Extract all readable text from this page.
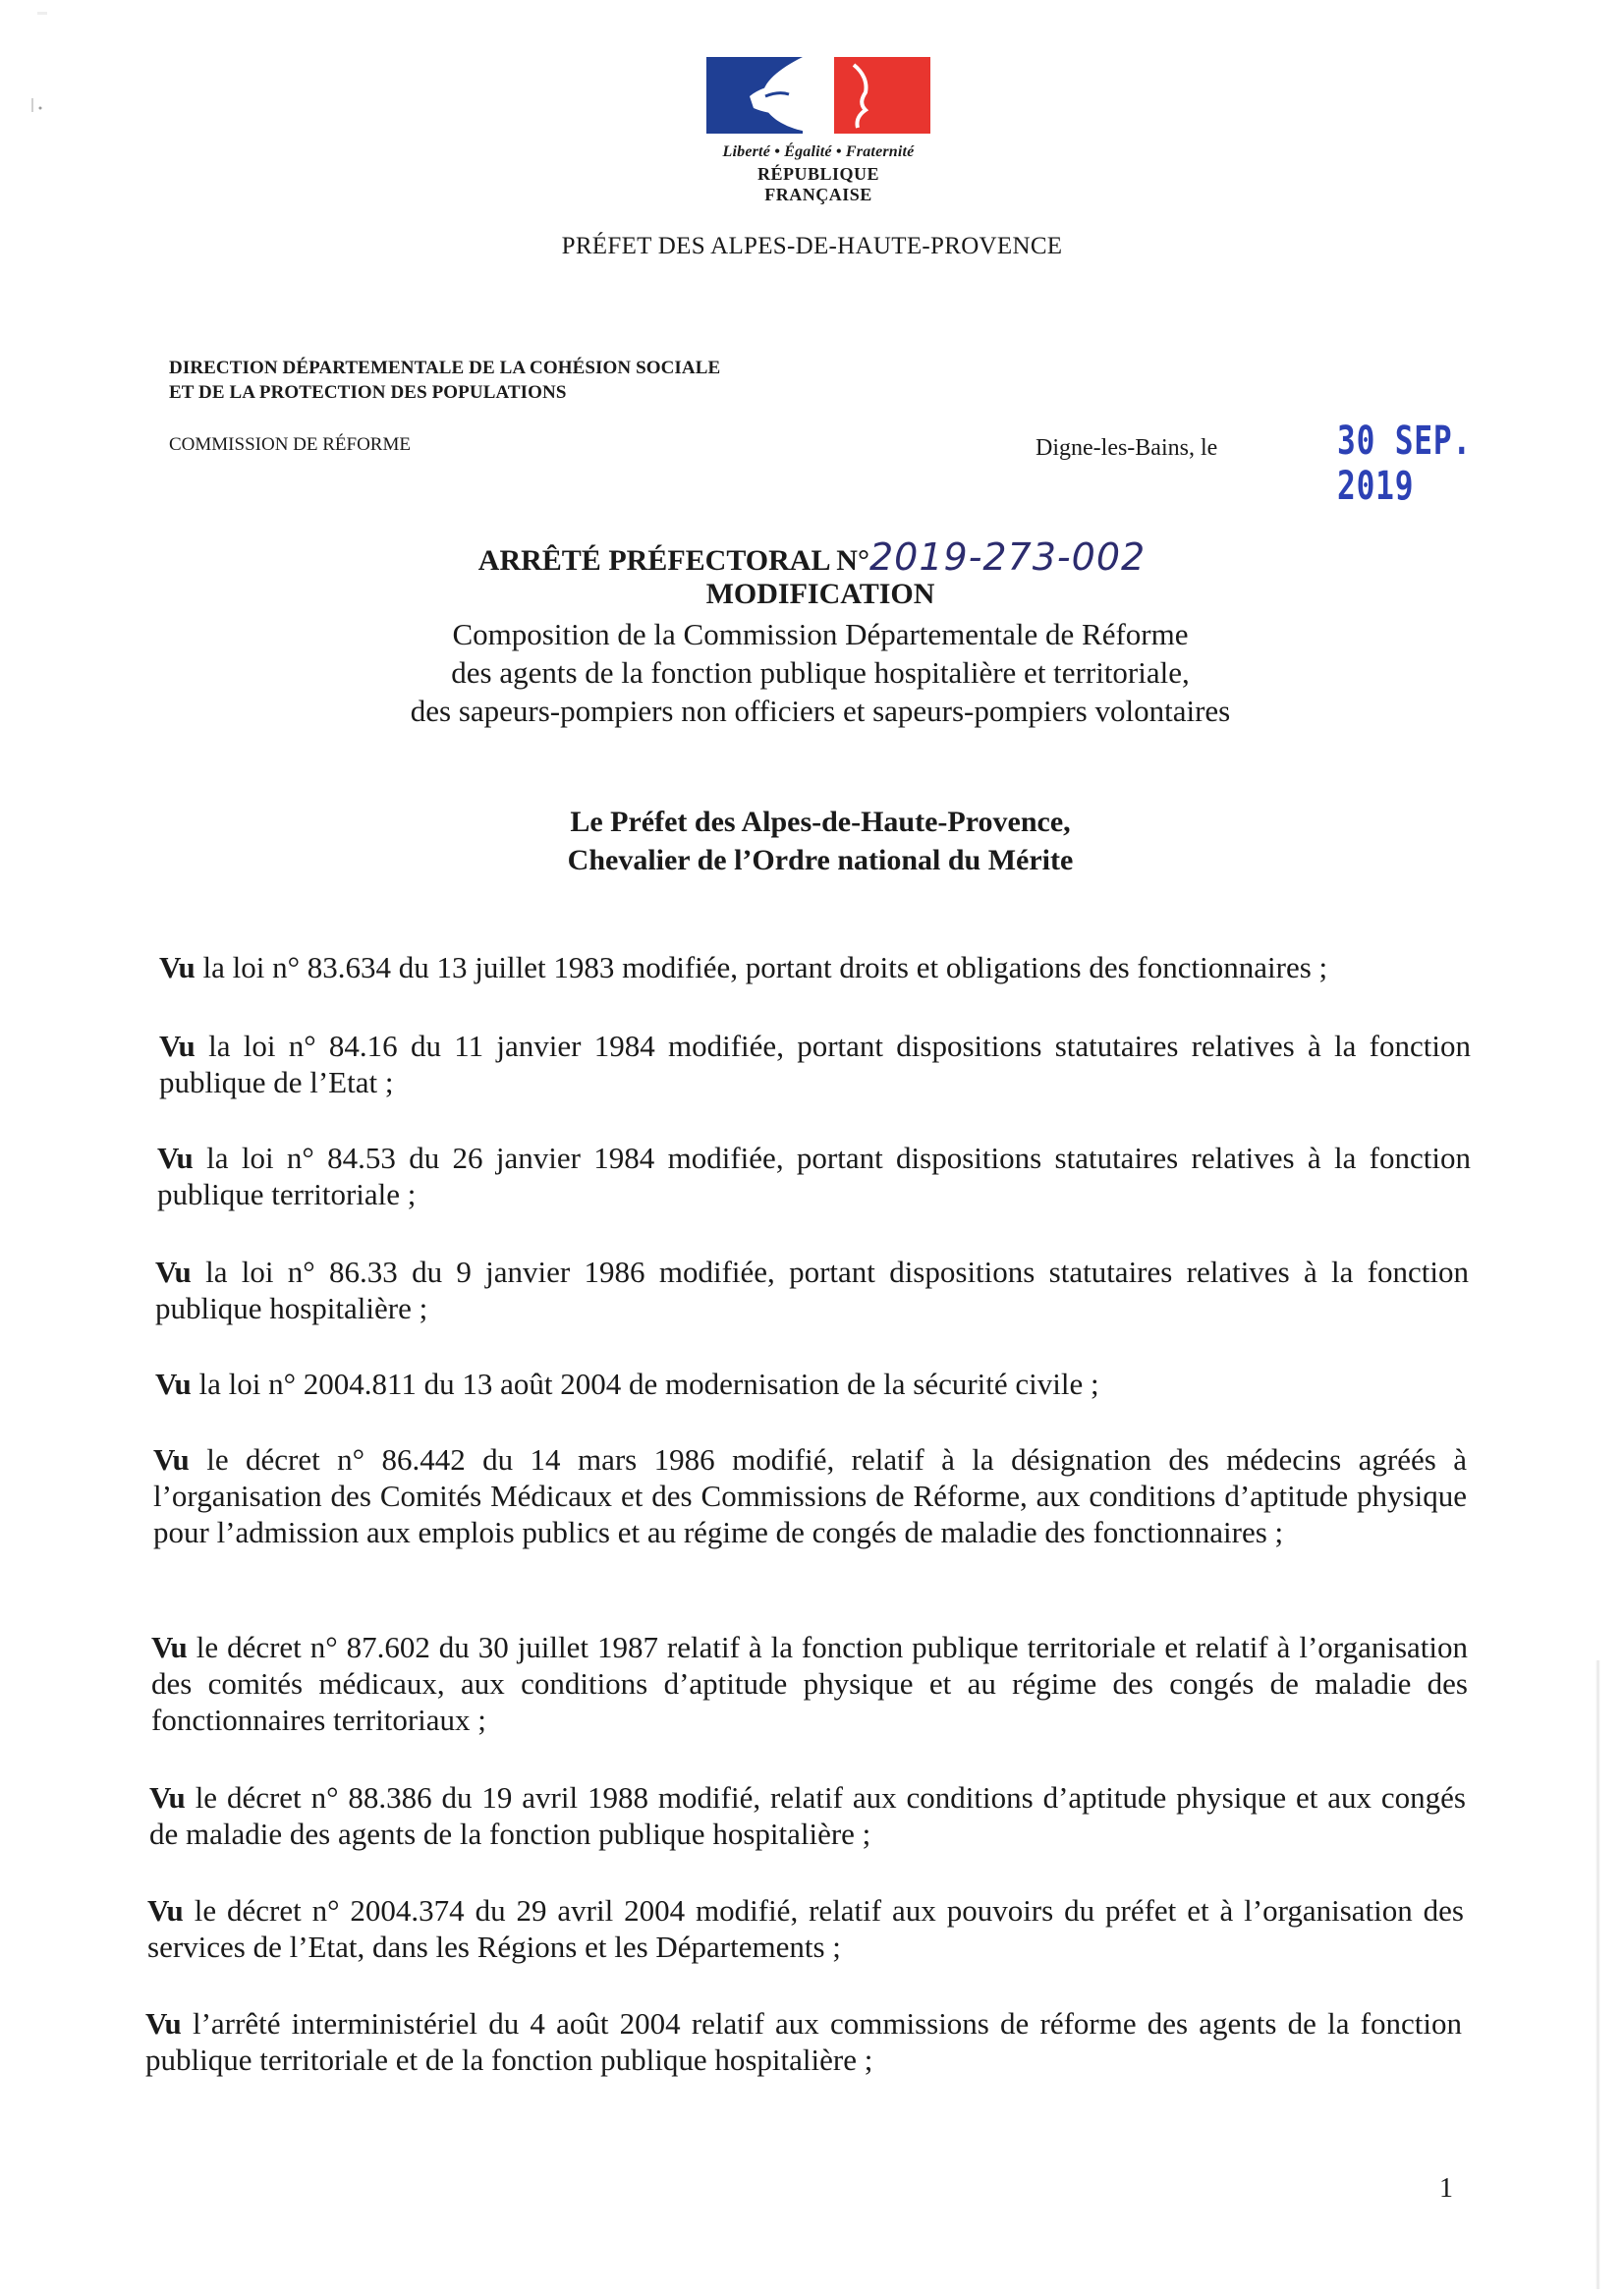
Liberté • Égalité • Fraternité
RÉPUBLIQUE FRANÇAISE
PRÉFET DES ALPES-DE-HAUTE-PROVENCE
DIRECTION DÉPARTEMENTALE DE LA COHÉSION SOCIALE
ET DE LA PROTECTION DES POPULATIONS
COMMISSION DE RÉFORME	Digne-les-Bains, le	30 SEP. 2019
ARRÊTÉ PRÉFECTORAL N°2019-273-002
MODIFICATION
Composition de la Commission Départementale de Réforme
des agents de la fonction publique hospitalière et territoriale,
des sapeurs-pompiers non officiers et sapeurs-pompiers volontaires
Le Préfet des Alpes-de-Haute-Provence,
Chevalier de l’Ordre national du Mérite
Vu la loi n° 83.634 du 13 juillet 1983 modifiée, portant droits et obligations des fonctionnaires ;
Vu la loi n° 84.16 du 11 janvier 1984 modifiée, portant dispositions statutaires relatives à la fonction publique de l’Etat ;
Vu la loi n° 84.53 du 26 janvier 1984 modifiée, portant dispositions statutaires relatives à la fonction publique territoriale ;
Vu la loi n° 86.33 du 9 janvier 1986 modifiée, portant dispositions statutaires relatives à la fonction publique hospitalière ;
Vu la loi n° 2004.811 du 13 août 2004 de modernisation de la sécurité civile ;
Vu le décret n° 86.442 du 14 mars 1986 modifié, relatif à la désignation des médecins agréés à l’organisation des Comités Médicaux et des Commissions de Réforme, aux conditions d’aptitude physique pour l’admission aux emplois publics et au régime de congés de maladie des fonctionnaires ;
Vu le décret n° 87.602 du 30 juillet 1987 relatif à la fonction publique territoriale et relatif à l’organisation des comités médicaux, aux conditions d’aptitude physique et au régime des congés de maladie des fonctionnaires territoriaux ;
Vu le décret n° 88.386 du 19 avril 1988 modifié, relatif aux conditions d’aptitude physique et aux congés de maladie des agents de la fonction publique hospitalière ;
Vu le décret n° 2004.374 du 29 avril 2004 modifié, relatif aux pouvoirs du préfet et à l’organisation des services de l’Etat, dans les Régions et les Départements ;
Vu l’arrêté interministériel du 4 août 2004 relatif aux commissions de réforme des agents de la fonction publique territoriale et de la fonction publique hospitalière ;
1
